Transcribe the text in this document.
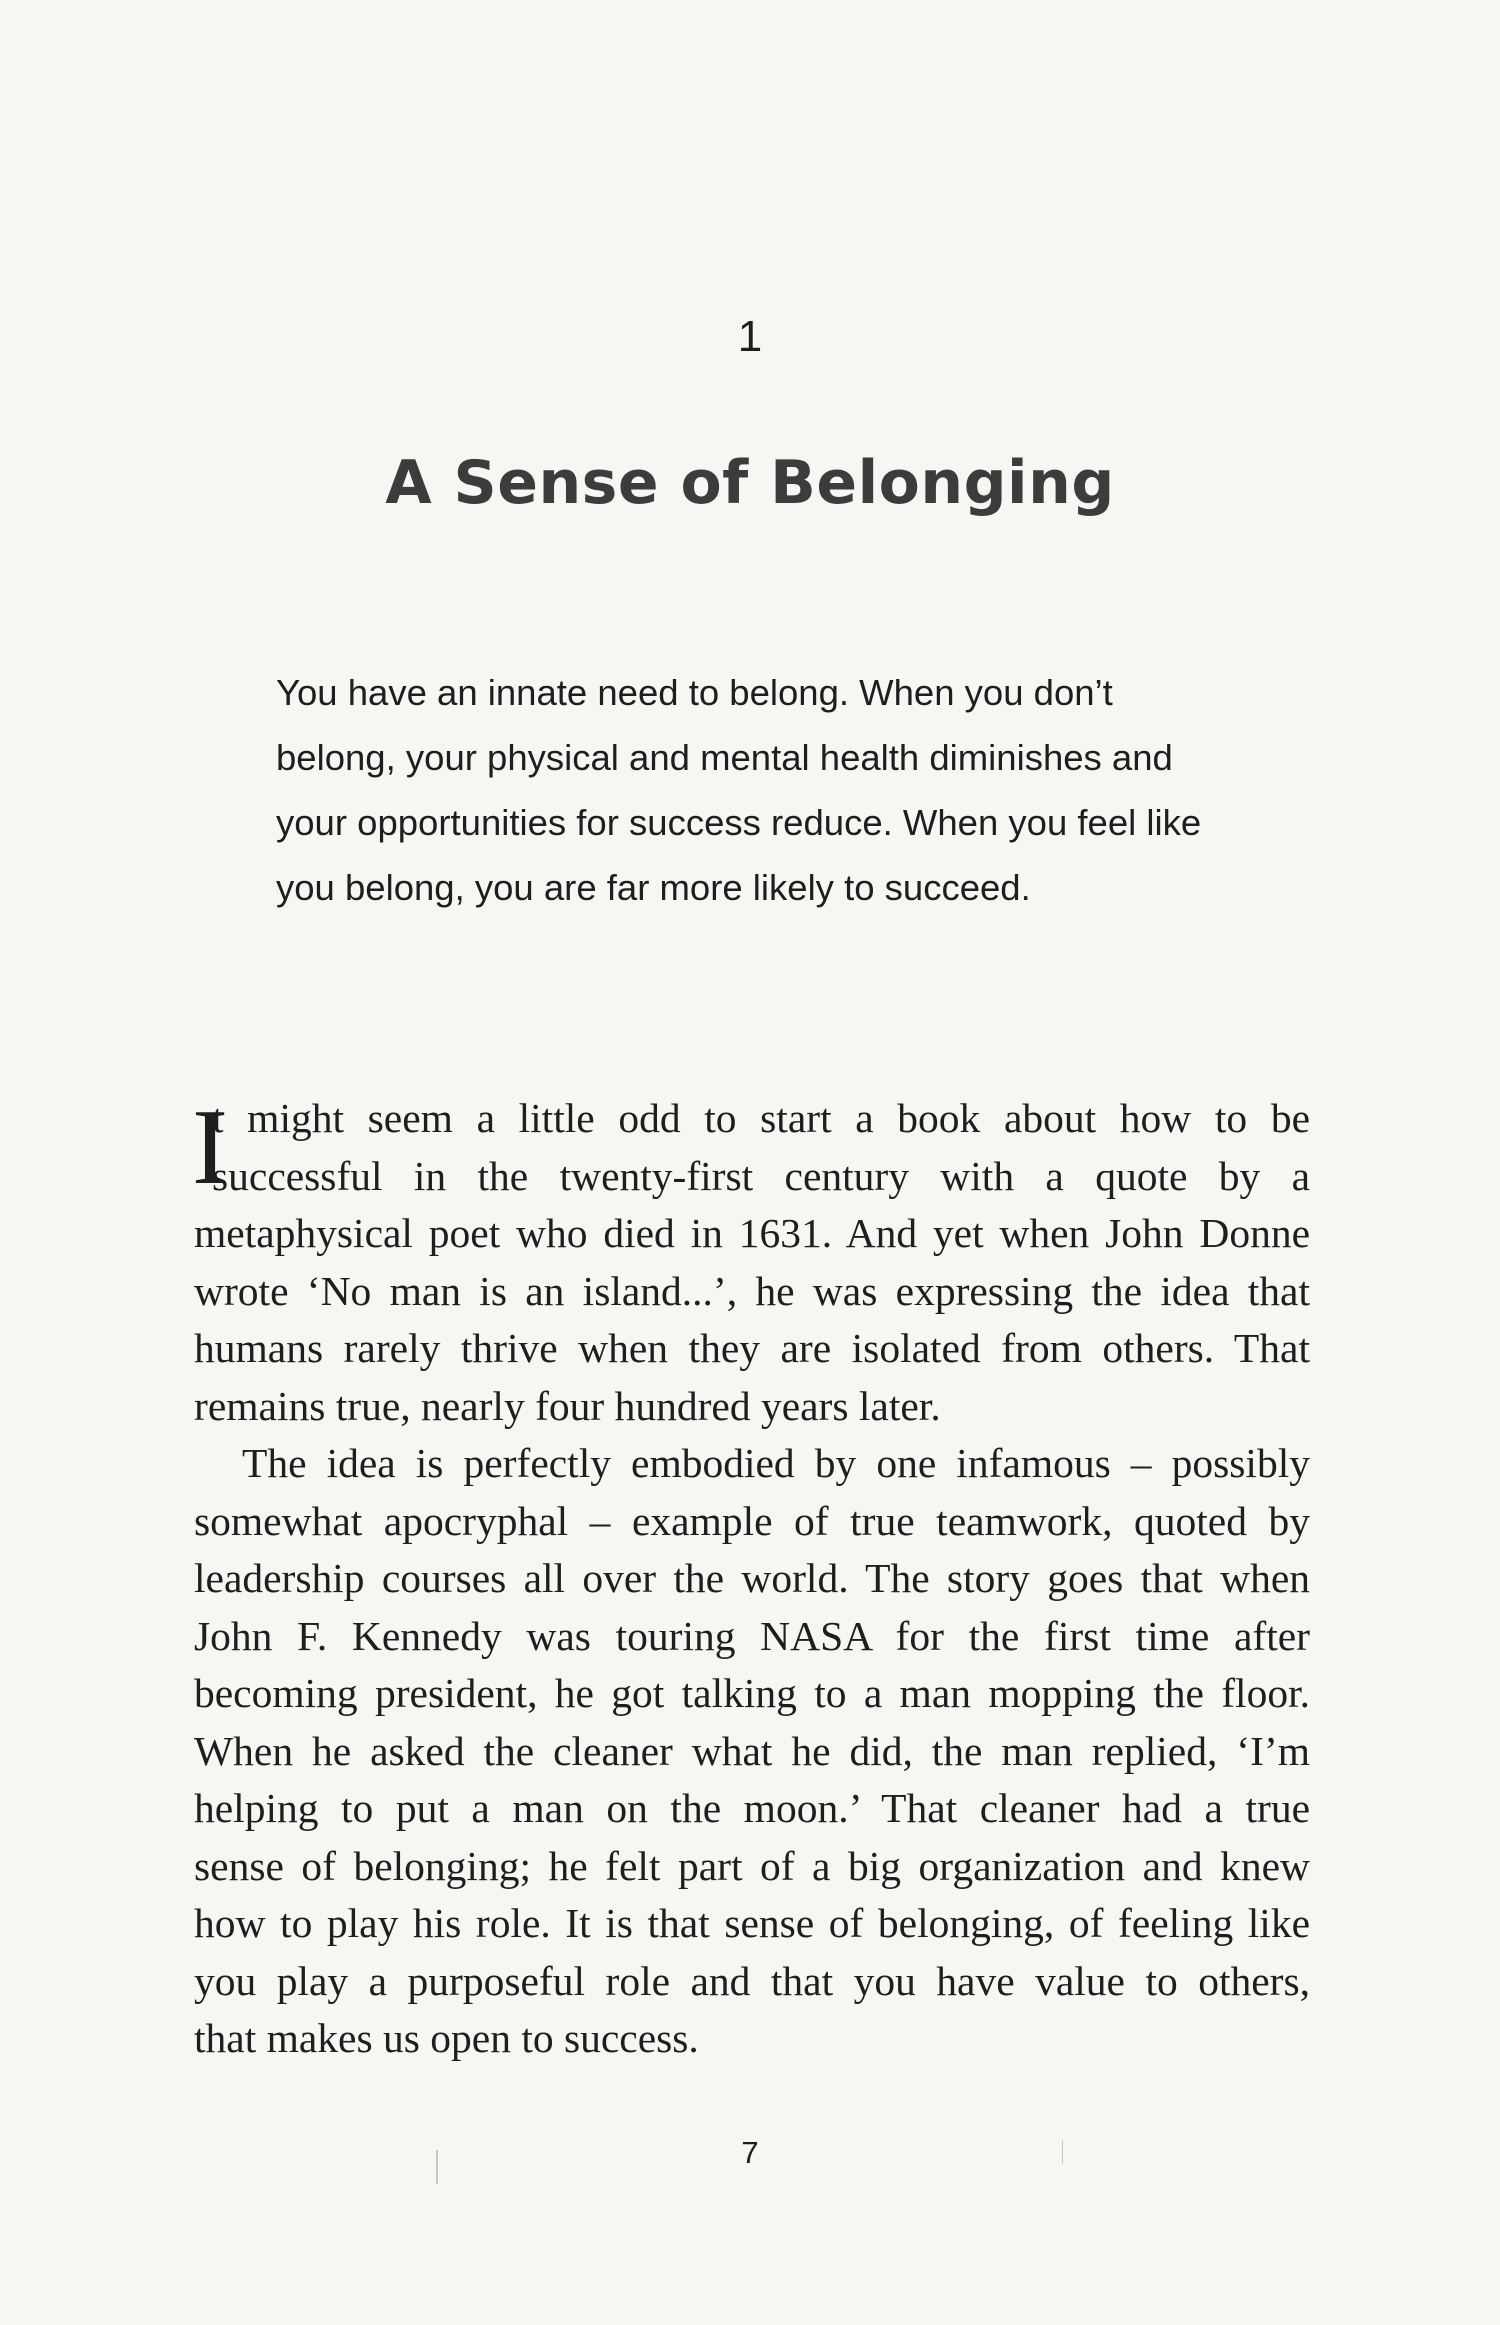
1

A Sense of Belonging
You have an innate need to belong. When you don’t
belong, your physical and mental health diminishes and
your opportunities for success reduce. When you feel like
you belong, you are far more likely to succeed.
I
t might seem a little odd to start a book about how to be
successful in the twenty-first century with a quote by a
metaphysical poet who died in 1631. And yet when John Donne
wrote ‘No man is an island...’, he was expressing the idea that
humans rarely thrive when they are isolated from others. That
remains true, nearly four hundred years later.
The idea is perfectly embodied by one infamous – possibly
somewhat apocryphal – example of true teamwork, quoted by
leadership courses all over the world. The story goes that when
John F. Kennedy was touring NASA for the first time after
becoming president, he got talking to a man mopping the floor.
When he asked the cleaner what he did, the man replied, ‘I’m
helping to put a man on the moon.’ That cleaner had a true
sense of belonging; he felt part of a big organization and knew
how to play his role. It is that sense of belonging, of feeling like
you play a purposeful role and that you have value to others,
that makes us open to success.

7
